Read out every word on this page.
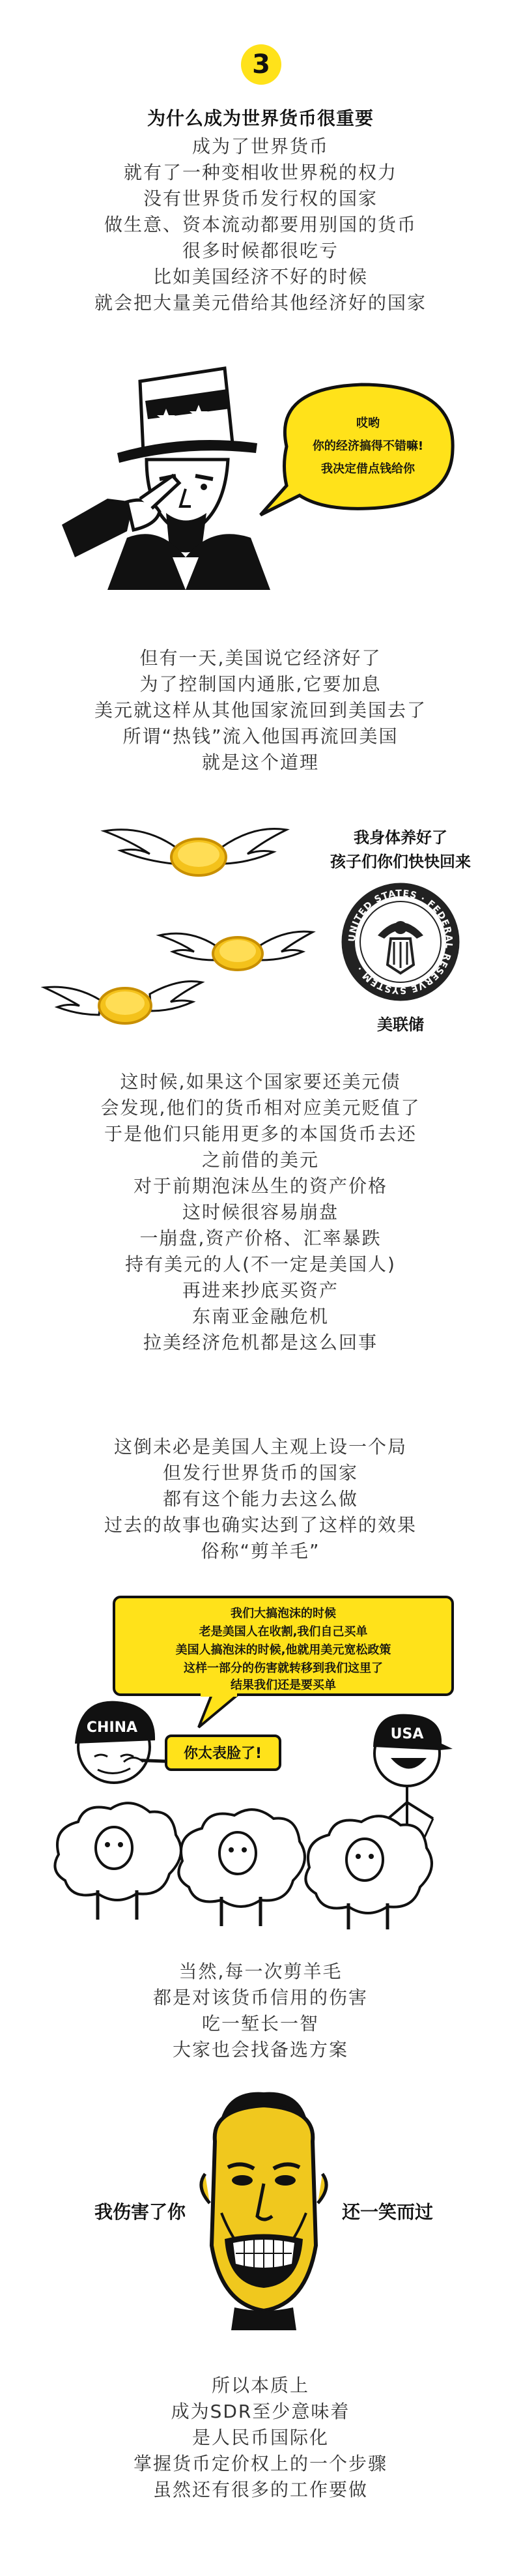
3
为什么成为世界货币很重要
成为了世界货币
就有了一种变相收世界税的权力
没有世界货币发行权的国家
做生意、资本流动都要用别国的货币
很多时候都很吃亏
比如美国经济不好的时候
就会把大量美元借给其他经济好的国家
哎哟
你的经济搞得不错嘛!
我决定借点钱给你
但有一天,美国说它经济好了
为了控制国内通胀,它要加息
美元就这样从其他国家流回到美国去了
所谓“热钱”流入他国再流回美国
就是这个道理
我身体养好了
孩子们你们快快回来
UNITED STATES · FEDERAL RESERVE SYSTEM ·
美联储
这时候,如果这个国家要还美元债
会发现,他们的货币相对应美元贬值了
于是他们只能用更多的本国货币去还
之前借的美元
对于前期泡沫丛生的资产价格
这时候很容易崩盘
一崩盘,资产价格、汇率暴跌
持有美元的人(不一定是美国人)
再进来抄底买资产
东南亚金融危机
拉美经济危机都是这么回事
这倒未必是美国人主观上设一个局
但发行世界货币的国家
都有这个能力去这么做
过去的故事也确实达到了这样的效果
俗称“剪羊毛”
我们大搞泡沫的时候
老是美国人在收割,我们自己买单
美国人搞泡沫的时候,他就用美元宽松政策
这样一部分的伤害就转移到我们这里了
结果我们还是要买单
CHINA
你太表脸了!
USA
当然,每一次剪羊毛
都是对该货币信用的伤害
吃一堑长一智
大家也会找备选方案
我伤害了你	还一笑而过
所以本质上
成为SDR至少意味着
是人民币国际化
掌握货币定价权上的一个步骤
虽然还有很多的工作要做
